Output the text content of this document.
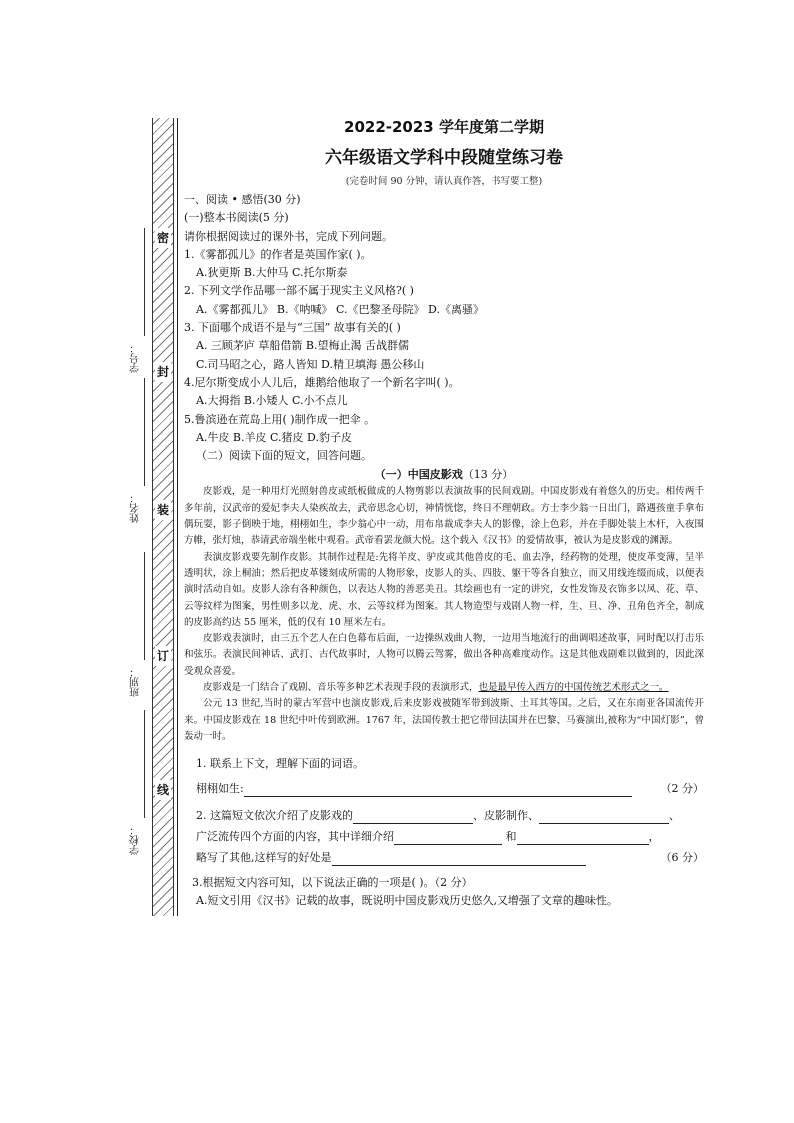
密
封
装
订
线
学号：
姓名：
班别：
学校：
2022-2023 学年度第二学期
六年级语文学科中段随堂练习卷
(完卷时间 90 分钟，请认真作答，书写要工整)
一、阅读 • 感悟(30 分)
(一)整本书阅读(5 分)
请你根据阅读过的课外书，完成下列问题。
1.《雾都孤儿》的作者是英国作家( )。
A.狄更斯 B.大仲马 C.托尔斯泰
2. 下列文学作品哪一部不属于现实主义风格?( )
A.《雾都孤儿》 B.《呐喊》 C.《巴黎圣母院》 D.《离骚》
3. 下面哪个成语不是与“三国” 故事有关的( )
A. 三顾茅庐 草船借箭 B.望梅止渴 舌战群儒
C.司马昭之心，路人皆知 D.精卫填海 愚公移山
4.尼尔斯变成小人儿后，雄鹅给他取了一个新名字叫( )。
A.大拇指 B.小矮人 C.小不点儿
5.鲁滨逊在荒岛上用( )制作成一把伞 。
A.牛皮 B.羊皮 C.猪皮 D.豹子皮
（二）阅读下面的短文，回答问题。
（一）中国皮影戏（13 分）

皮影戏，是一种用灯光照射兽皮或纸板做成的人物剪影以表演故事的民间戏剧。中国皮影戏有着悠久的历史。相传两千多年前，汉武帝的爱妃李夫人染疾故去，武帝思念心切，神情恍惚，终日不理朝政。方士李少翁一日出门，路遇孩童手拿布偶玩耍，影子倒映于地，栩栩如生，李少翁心中一动，用布帛裁成李夫人的影像，涂上色彩，并在手脚处装上木杆，入夜围方帷，张灯烛，恭请武帝端坐帐中观看。武帝看罢龙颜大悦。这个载入《汉书》的爱情故事，被认为是皮影戏的渊源。

表演皮影戏要先制作皮影。其制作过程是:先将羊皮、驴皮或其他兽皮的毛、血去净，经药物的处理，使皮革变薄，呈半透明状，涂上桐油；然后把皮革镂刻成所需的人物形象，皮影人的头、四肢、躯干等各自独立，而又用线连缀而成，以便表演时活动自如。皮影人涂有各种颜色，以表达人物的善恶美丑。其绘画也有一定的讲究，女性发饰及衣饰多以凤、花、草、云等纹样为图案，男性则多以龙、虎、水、云等纹样为图案。其人物造型与戏剧人物一样，生、旦、净、丑角色齐全，制成的皮影高约达 55 厘米，低的仅有 10 厘米左右。

皮影戏表演时，由三五个艺人在白色幕布后面，一边操纵戏曲人物，一边用当地流行的曲调唱述故事，同时配以打击乐和弦乐。表演民间神话、武打、古代故事时，人物可以腾云驾雾，做出各种高难度动作。这是其他戏剧难以做到的，因此深受观众喜爱。

皮影戏是一门结合了戏剧、音乐等多种艺术表现手段的表演形式，也是最早传入西方的中国传统艺术形式之一。

公元 13 世纪,当时的蒙古军营中也演皮影戏,后来皮影戏被随军带到波斯、土耳其等国。之后，又在东南亚各国流传开来。中国皮影戏在 18 世纪中叶传到欧洲。1767 年，法国传教士把它带回法国并在巴黎、马赛演出,被称为“中国灯影”，曾轰动一时。

1. 联系上下文，理解下面的词语。
栩栩如生:	（2 分）
2. 这篇短文依次介绍了皮影戏的	、皮影制作、	、
广泛流传四个方面的内容，其中详细介绍	和	，
略写了其他,这样写的好处是	（6 分）
3.根据短文内容可知，以下说法正确的一项是( )。（2 分）
A.短文引用《汉书》记载的故事，既说明中国皮影戏历史悠久,又增强了文章的趣味性。
